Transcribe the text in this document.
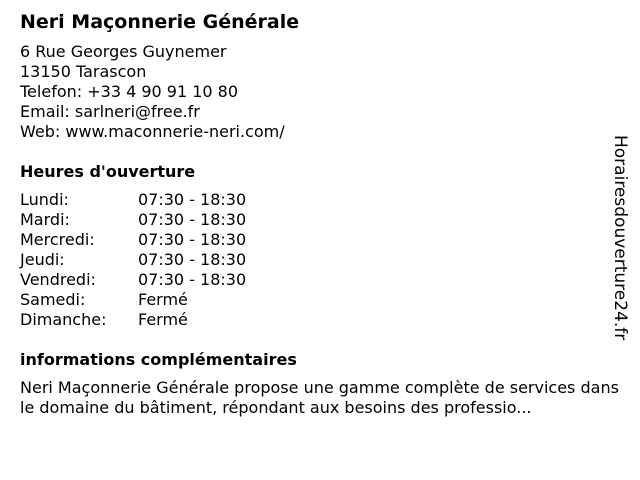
Neri Maçonnerie Générale
6 Rue Georges Guynemer
13150 Tarascon
Telefon: +33 4 90 91 10 80
Email: sarlneri@free.fr
Web: www.maconnerie-neri.com/
Heures d'ouverture
Lundi:	07:30 - 18:30
Mardi:	07:30 - 18:30
Mercredi:	07:30 - 18:30
Jeudi:	07:30 - 18:30
Vendredi:	07:30 - 18:30
Samedi:	Fermé
Dimanche:	Fermé
informations complémentaires
Neri Maçonnerie Générale propose une gamme complète de services dans le domaine du bâtiment, répondant aux besoins des professio...
Horairesdouverture24.fr
